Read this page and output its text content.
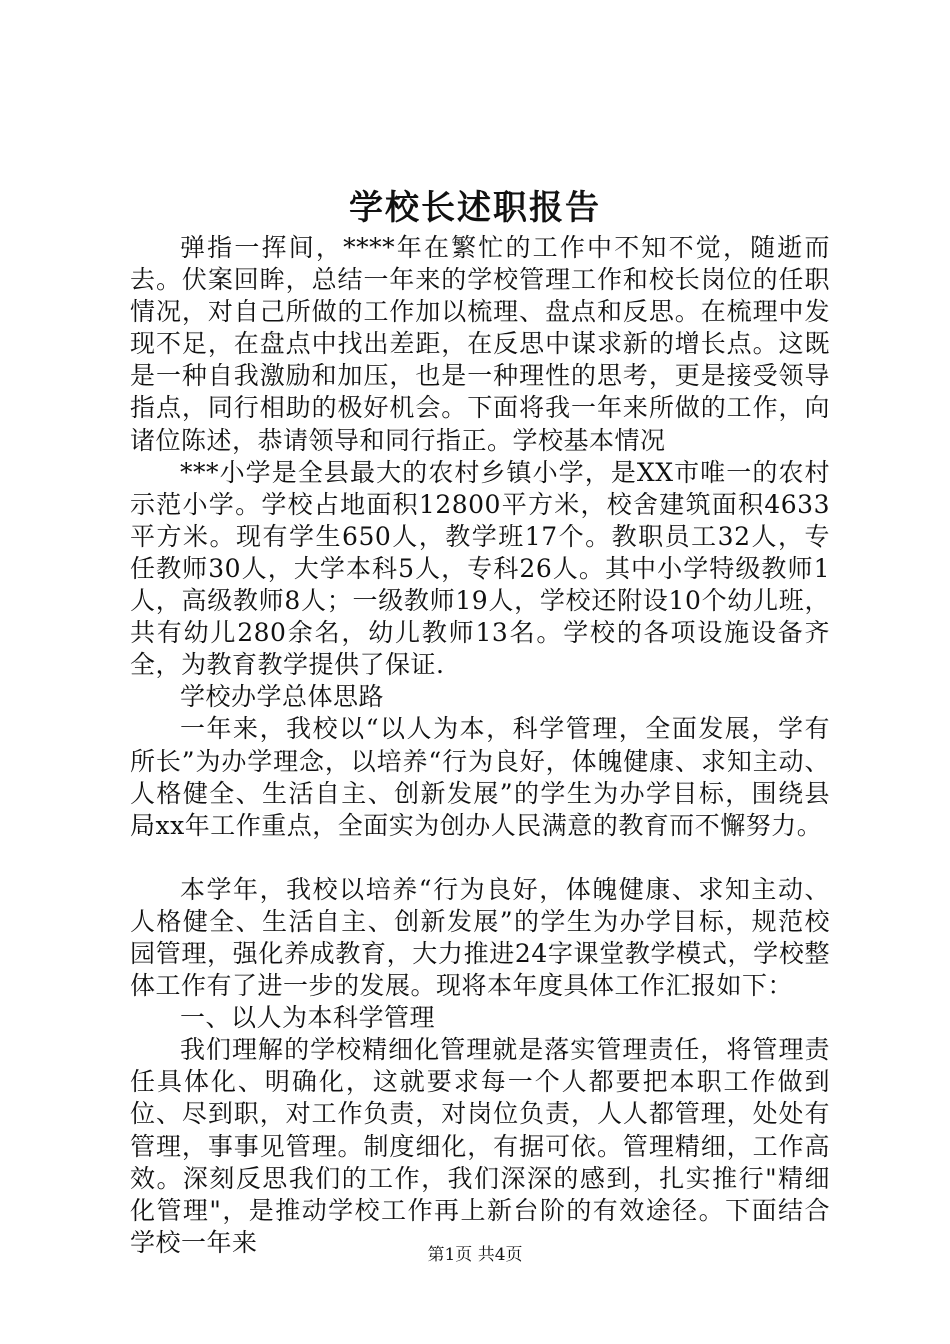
学校长述职报告

弹指一挥间，****年在繁忙的工作中不知不觉，随逝而去。伏案回眸，总结一年来的学校管理工作和校长岗位的任职情况，对自己所做的工作加以梳理、盘点和反思。在梳理中发现不足，在盘点中找出差距，在反思中谋求新的增长点。这既是一种自我激励和加压，也是一种理性的思考，更是接受领导指点，同行相助的极好机会。下面将我一年来所做的工作，向诸位陈述，恭请领导和同行指正。学校基本情况

***小学是全县最大的农村乡镇小学，是XX市唯一的农村示范小学。学校占地面积12800平方米，校舍建筑面积4633平方米。现有学生650人，教学班17个。教职员工32人，专任教师30人，大学本科5人，专科26人。其中小学特级教师1人，高级教师8人；一级教师19人，学校还附设10个幼儿班，共有幼儿280余名，幼儿教师13名。学校的各项设施设备齐全，为教育教学提供了保证.

学校办学总体思路

一年来，我校以“以人为本，科学管理，全面发展，学有所长”为办学理念，以培养“行为良好，体魄健康、求知主动、人格健全、生活自主、创新发展”的学生为办学目标，围绕县局xx年工作重点，全面实为创办人民满意的教育而不懈努力。

本学年，我校以培养“行为良好，体魄健康、求知主动、人格健全、生活自主、创新发展”的学生为办学目标，规范校园管理，强化养成教育，大力推进24字课堂教学模式，学校整体工作有了进一步的发展。现将本年度具体工作汇报如下：

一、以人为本科学管理

我们理解的学校精细化管理就是落实管理责任，将管理责任具体化、明确化，这就要求每一个人都要把本职工作做到位、尽到职，对工作负责，对岗位负责，人人都管理，处处有管理，事事见管理。制度细化，有据可依。管理精细，工作高效。深刻反思我们的工作，我们深深的感到，扎实推行"精细化管理"，是推动学校工作再上新台阶的有效途径。下面结合学校一年来	第1页 共4页
